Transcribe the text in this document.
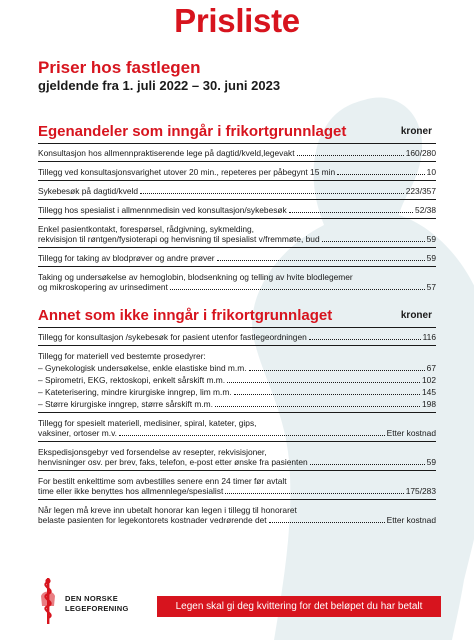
Prisliste
Priser hos fastlegen
gjeldende fra 1. juli 2022 – 30. juni 2023
Egenandeler som inngår i frikortgrunnlaget	kroner
Konsultasjon hos allmennpraktiserende lege på dagtid/kveld,legevakt	160/280
Tillegg ved konsultasjonsvarighet utover 20 min., repeteres per påbegynt 15 min	10
Sykebesøk på dagtid/kveld	223/357
Tillegg hos spesialist i allmennmedisin ved konsultasjon/sykebesøk	52/38
Enkel pasientkontakt, forespørsel, rådgivning, sykmelding,
rekvisisjon til røntgen/fysioterapi og henvisning til spesialist v/fremmøte, bud	59
Tillegg for taking av blodprøver og andre prøver	59
Taking og undersøkelse av hemoglobin, blodsenkning og telling av hvite blodlegemer
og mikroskopering av urinsediment	57
Annet som ikke inngår i frikortgrunnlaget	kroner
Tillegg for konsultasjon /sykebesøk for pasient utenfor fastlegeordningen	116
Tillegg for materiell ved bestemte prosedyrer:
– Gynekologisk undersøkelse, enkle elastiske bind m.m.	67
– Spirometri, EKG, rektoskopi, enkelt sårskift m.m.	102
– Kateterisering, mindre kirurgiske inngrep, lim m.m.	145
– Større kirurgiske inngrep, større sårskift m.m.	198
Tillegg for spesielt materiell, medisiner, spiral, kateter, gips,
vaksiner, ortoser m.v.	Etter kostnad
Ekspedisjonsgebyr ved forsendelse av resepter, rekvisisjoner,
henvisninger osv. per brev, faks, telefon, e-post etter ønske fra pasienten	59
For bestilt enkelttime som avbestilles senere enn 24 timer før avtalt
time eller ikke benyttes hos allmennlege/spesialist	175/283
Når legen må kreve inn ubetalt honorar kan legen i tillegg til honoraret
belaste pasienten for legekontorets kostnader vedrørende det	Etter kostnad
DEN NORSKE
LEGEFORENING	Legen skal gi deg kvittering for det beløpet du har betalt
